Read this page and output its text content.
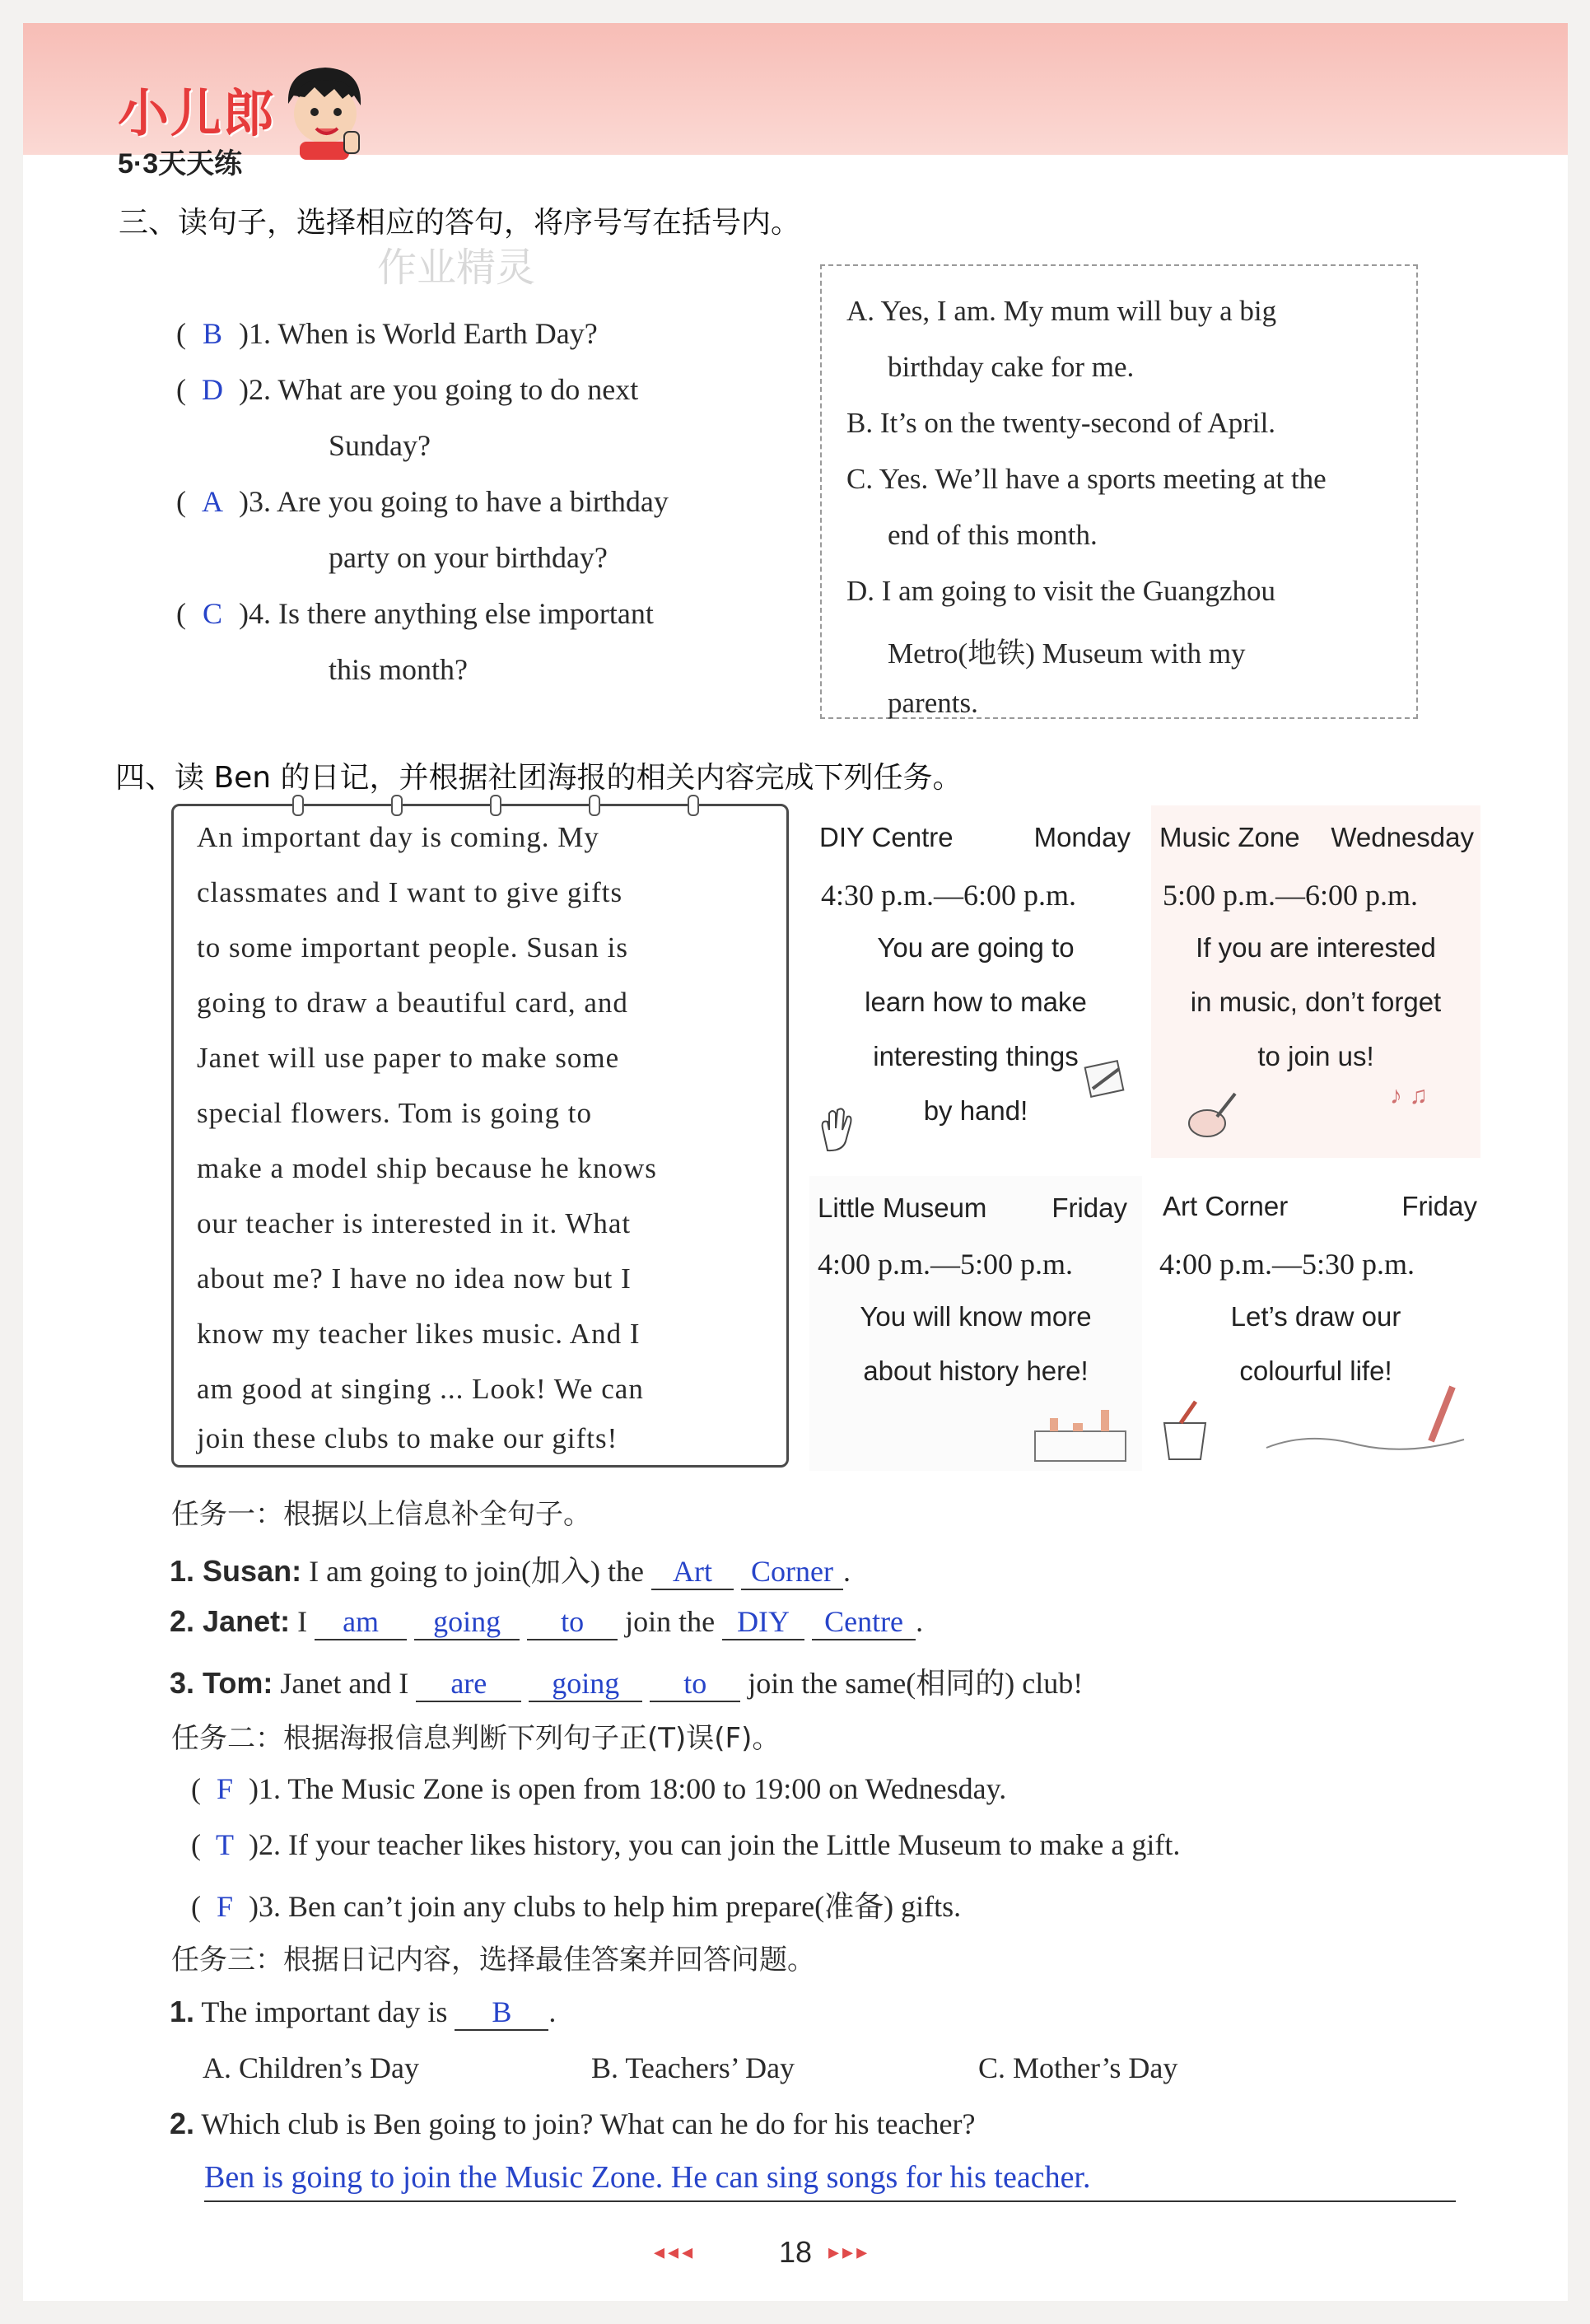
小儿郎
5·3天天练
三、读句子，选择相应的答句，将序号写在括号内。
作业精灵
( B )1. When is World Earth Day?
( D )2. What are you going to do next
Sunday?
( A )3. Are you going to have a birthday
party on your birthday?
( C )4. Is there anything else important
this month?
A. Yes, I am. My mum will buy a big
birthday cake for me.
B. It’s on the twenty-second of April.
C. Yes. We’ll have a sports meeting at the
end of this month.
D. I am going to visit the Guangzhou
Metro(地铁) Museum with my
parents.
四、读 Ben 的日记，并根据社团海报的相关内容完成下列任务。
An important day is coming. My
classmates and I want to give gifts
to some important people. Susan is
going to draw a beautiful card, and
Janet will use paper to make some
special flowers. Tom is going to
make a model ship because he knows
our teacher is interested in it. What
about me? I have no idea now but I
know my teacher likes music. And I
am good at singing ... Look! We can
join these clubs to make our gifts!
DIY Centre	Monday
4:30 p.m.—6:00 p.m.
You are going to
learn how to make
interesting things
by hand!
Music Zone Wednesday
5:00 p.m.—6:00 p.m.
If you are interested
in music, don’t forget
to join us!
♪ ♫
Little Museum Friday
4:00 p.m.—5:00 p.m.
You will know more
about history here!
Art Corner	Friday
4:00 p.m.—5:30 p.m.
Let’s draw our
colourful life!
任务一：根据以上信息补全句子。
1. Susan: I am going to join(加入) the Art Corner .
2. Janet: I am going to join the DIY Centre .
3. Tom: Janet and I are going to join the same(相同的) club!
任务二：根据海报信息判断下列句子正(T)误(F)。
( F )1. The Music Zone is open from 18:00 to 19:00 on Wednesday.
( T )2. If your teacher likes history, you can join the Little Museum to make a gift.
( F )3. Ben can’t join any clubs to help him prepare(准备) gifts.
任务三：根据日记内容，选择最佳答案并回答问题。
1. The important day is B .
A. Children’s Day	B. Teachers’ Day	C. Mother’s Day
2. Which club is Ben going to join? What can he do for his teacher?
Ben is going to join the Music Zone. He can sing songs for his teacher.
◂◂◂	18 ▸▸▸
